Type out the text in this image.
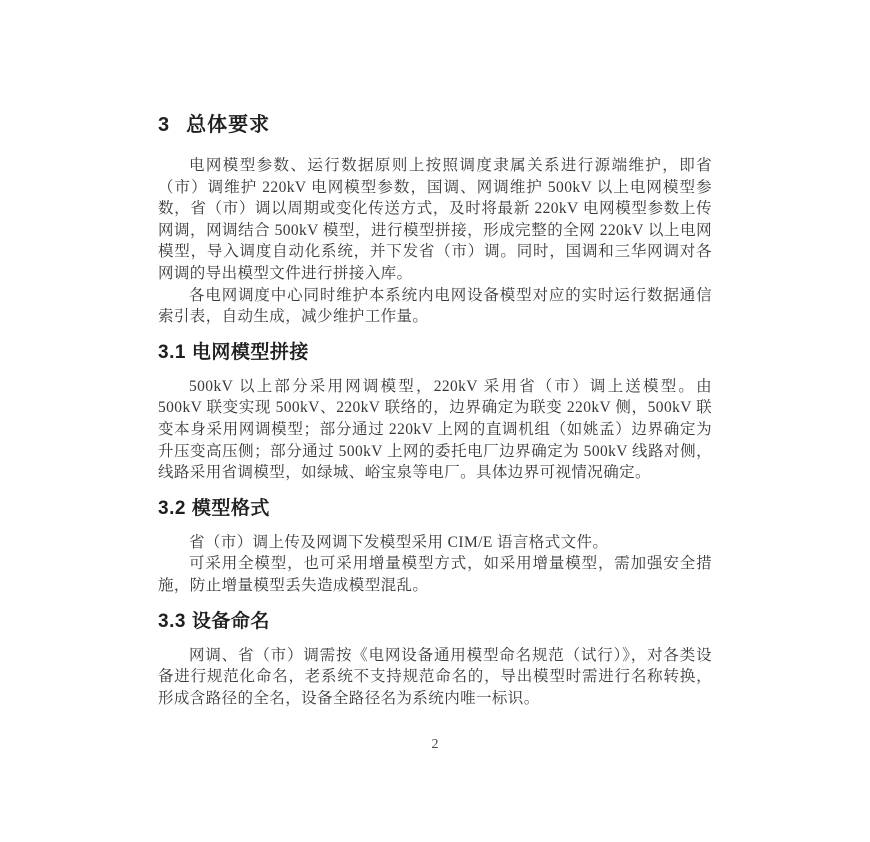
3 总体要求

电网模型参数、运行数据原则上按照调度隶属关系进行源端维护，即省（市）调维护 220kV 电网模型参数，国调、网调维护 500kV 以上电网模型参数，省（市）调以周期或变化传送方式，及时将最新 220kV 电网模型参数上传网调，网调结合 500kV 模型，进行模型拼接，形成完整的全网 220kV 以上电网模型，导入调度自动化系统，并下发省（市）调。同时，国调和三华网调对各网调的导出模型文件进行拼接入库。

各电网调度中心同时维护本系统内电网设备模型对应的实时运行数据通信索引表，自动生成，减少维护工作量。

3.1 电网模型拼接

500kV 以上部分采用网调模型，220kV 采用省（市）调上送模型。由 500kV 联变实现 500kV、220kV 联络的，边界确定为联变 220kV 侧，500kV 联变本身采用网调模型；部分通过 220kV 上网的直调机组（如姚孟）边界确定为升压变高压侧；部分通过 500kV 上网的委托电厂边界确定为 500kV 线路对侧，线路采用省调模型，如绿城、峪宝泉等电厂。具体边界可视情况确定。

3.2 模型格式

省（市）调上传及网调下发模型采用 CIM/E 语言格式文件。

可采用全模型，也可采用增量模型方式，如采用增量模型，需加强安全措施，防止增量模型丢失造成模型混乱。

3.3 设备命名

网调、省（市）调需按《电网设备通用模型命名规范（试行）》，对各类设备进行规范化命名，老系统不支持规范命名的，导出模型时需进行名称转换，形成含路径的全名，设备全路径名为系统内唯一标识。

2
